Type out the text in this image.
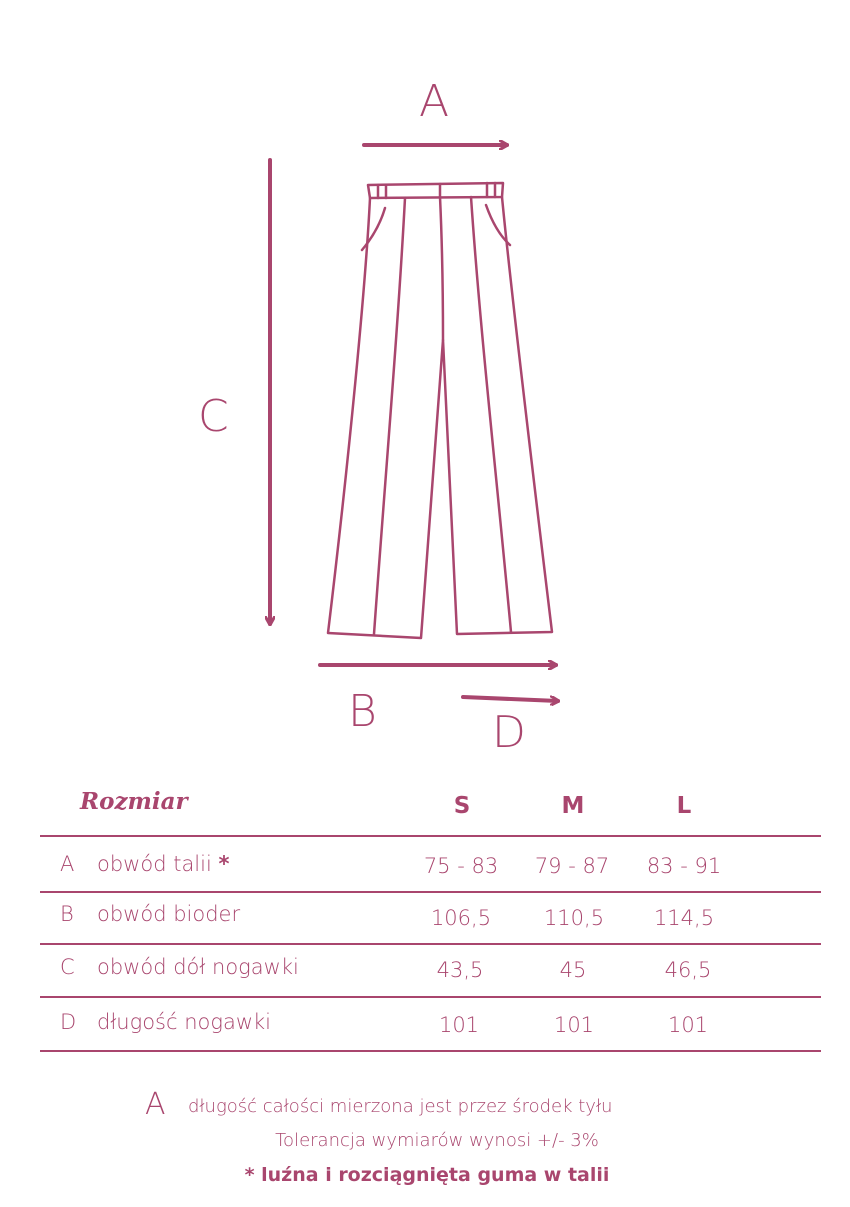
A
C
B	D
Rozmiar	S	M	L
A obwód talii *	75 - 83	79 - 87	83 - 91
B obwód bioder	106,5	110,5	114,5
C obwód dół nogawki	43,5	45	46,5
D długość nogawki	101	101	101
A długość całości mierzona jest przez środek tyłu
Tolerancja wymiarów wynosi +/- 3%
* luźna i rozciągnięta guma w talii
